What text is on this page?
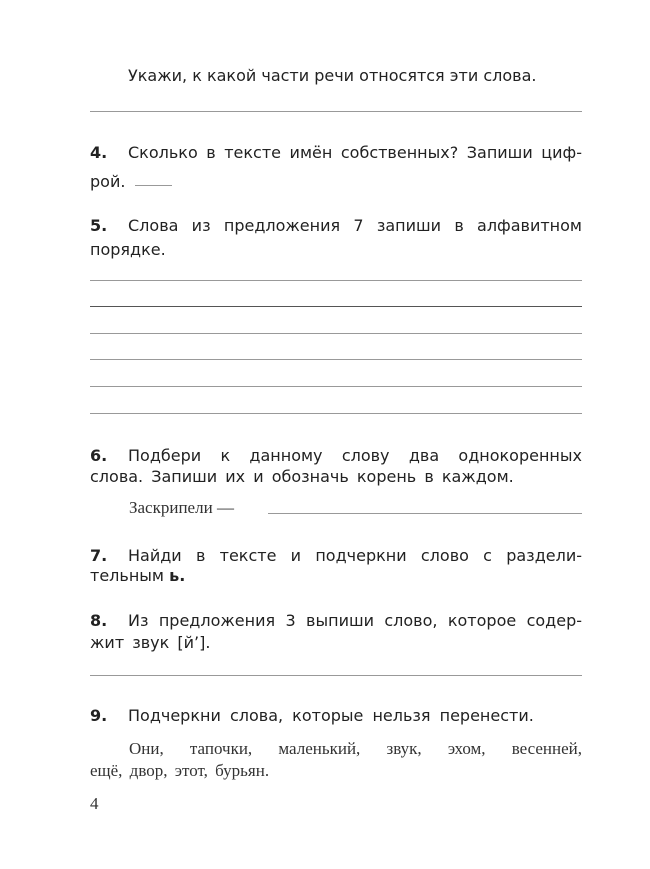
Укажи, к какой части речи относятся эти слова.
4. Сколько в тексте имён собственных? Запиши циф-
рой.
5. Слова из предложения 7 запиши в алфавитном
порядке.
6. Подбери к данному слову два однокоренных
слова. Запиши их и обозначь корень в каждом.
Заскрипели —
7. Найди в тексте и подчеркни слово с раздели-
тельным ь.
8. Из предложения 3 выпиши слово, которое содер-
жит звук [й’].
9. Подчеркни слова, которые нельзя перенести.
Они, тапочки, маленький, звук, эхом, весенней,
ещё, двор, этот, бурьян.
4
